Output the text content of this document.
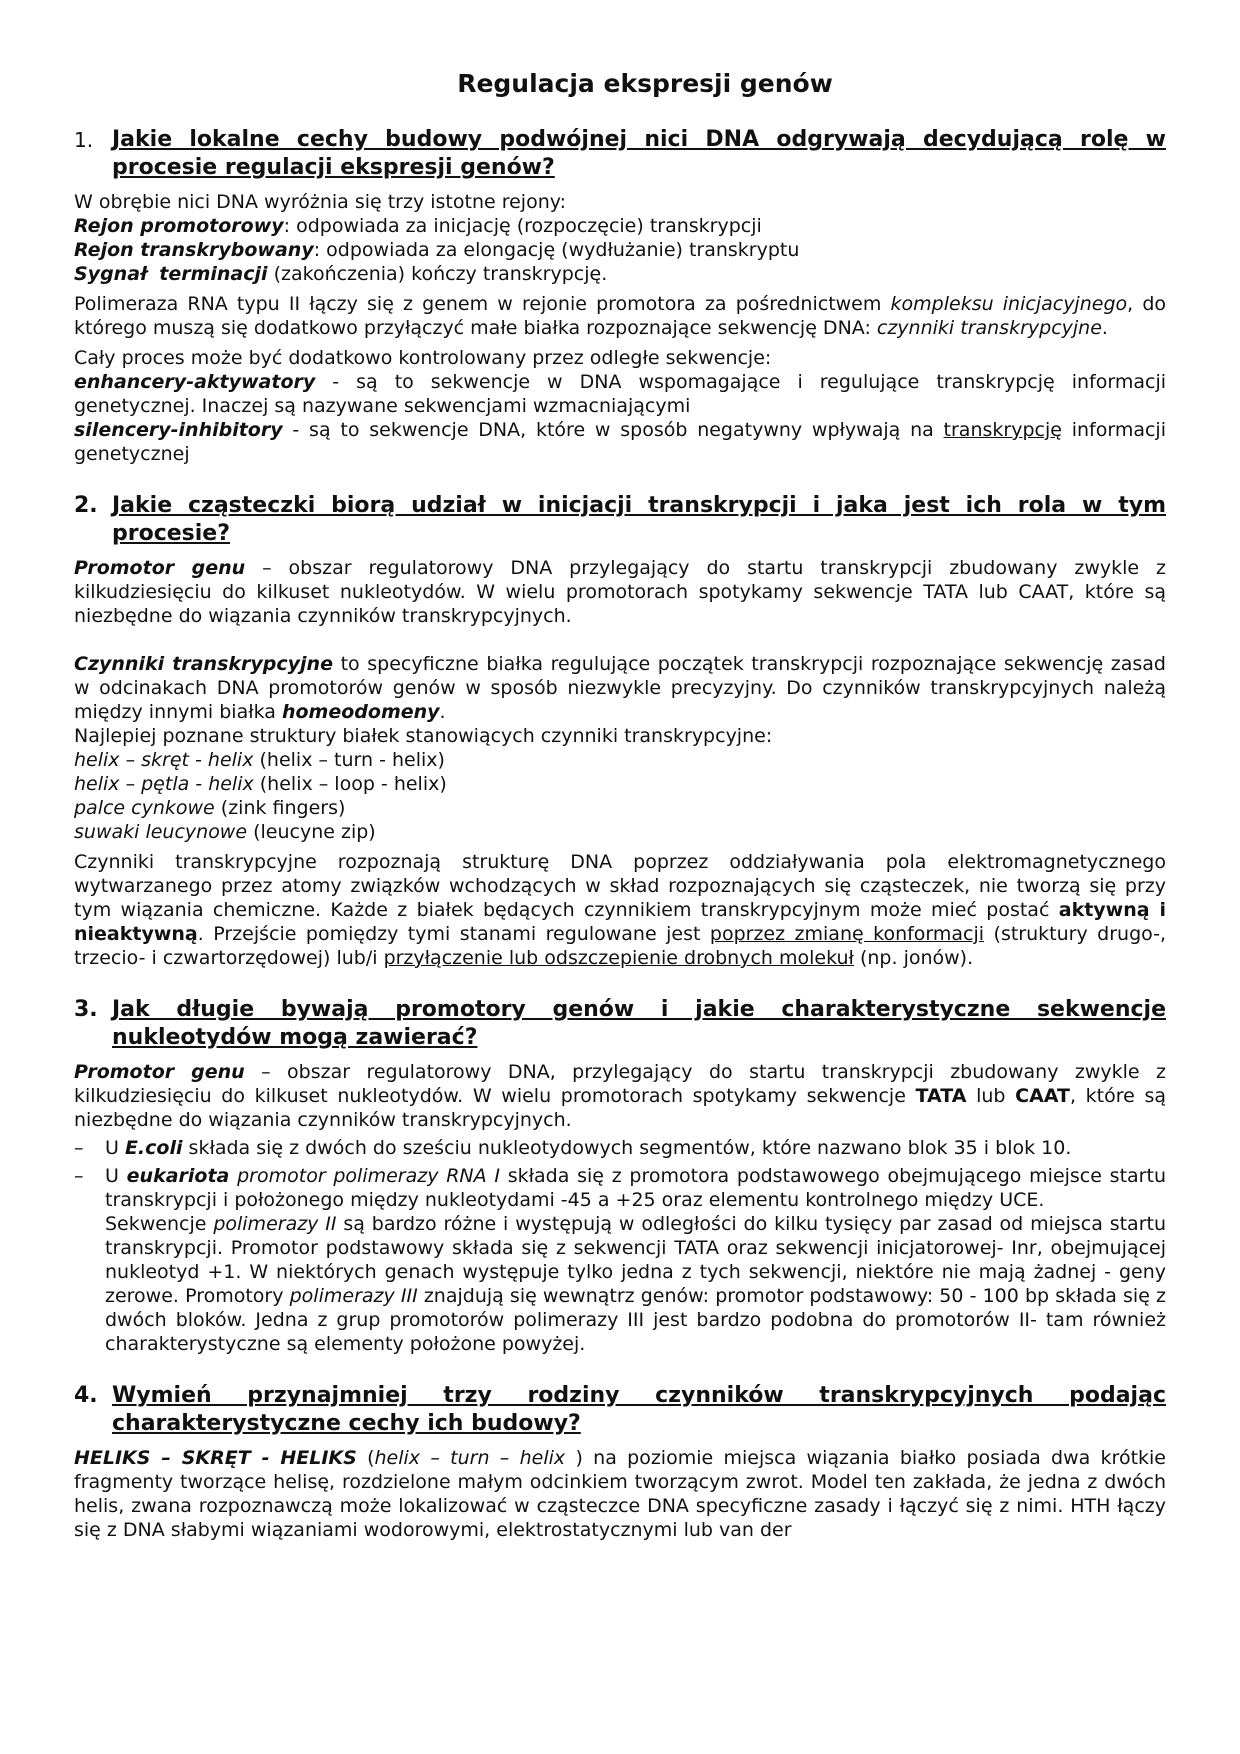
Regulacja ekspresji genów
1. Jakie lokalne cechy budowy podwójnej nici DNA odgrywają decydującą rolę w procesie regulacji ekspresji genów?

W obrębie nici DNA wyróżnia się trzy istotne rejony:

Rejon promotorowy: odpowiada za inicjację (rozpoczęcie) transkrypcji

Rejon transkrybowany: odpowiada za elongację (wydłużanie) transkryptu

Sygnał terminacji (zakończenia) kończy transkrypcję.

Polimeraza RNA typu II łączy się z genem w rejonie promotora za pośrednictwem kompleksu inicjacyjnego, do którego muszą się dodatkowo przyłączyć małe białka rozpoznające sekwencję DNA: czynniki transkrypcyjne.

Cały proces może być dodatkowo kontrolowany przez odległe sekwencje:

enhancery-aktywatory - są to sekwencje w DNA wspomagające i regulujące transkrypcję informacji genetycznej. Inaczej są nazywane sekwencjami wzmacniającymi

silencery-inhibitory - są to sekwencje DNA, które w sposób negatywny wpływają na transkrypcję informacji genetycznej

2. Jakie cząsteczki biorą udział w inicjacji transkrypcji i jaka jest ich rola w tym procesie?

Promotor genu – obszar regulatorowy DNA przylegający do startu transkrypcji zbudowany zwykle z kilkudziesięciu do kilkuset nukleotydów. W wielu promotorach spotykamy sekwencje TATA lub CAAT, które są niezbędne do wiązania czynników transkrypcyjnych.

Czynniki transkrypcyjne to specyficzne białka regulujące początek transkrypcji rozpoznające sekwencję zasad w odcinakach DNA promotorów genów w sposób niezwykle precyzyjny. Do czynników transkrypcyjnych należą między innymi białka homeodomeny.

Najlepiej poznane struktury białek stanowiących czynniki transkrypcyjne:

helix – skręt - helix (helix – turn - helix)

helix – pętla - helix (helix – loop - helix)

palce cynkowe (zink fingers)

suwaki leucynowe (leucyne zip)

Czynniki transkrypcyjne rozpoznają strukturę DNA poprzez oddziaływania pola elektromagnetycznego wytwarzanego przez atomy związków wchodzących w skład rozpoznających się cząsteczek, nie tworzą się przy tym wiązania chemiczne. Każde z białek będących czynnikiem transkrypcyjnym może mieć postać aktywną i nieaktywną. Przejście pomiędzy tymi stanami regulowane jest poprzez zmianę konformacji (struktury drugo-, trzecio- i czwartorzędowej) lub/i przyłączenie lub odszczepienie drobnych molekuł (np. jonów).

3. Jak długie bywają promotory genów i jakie charakterystyczne sekwencje nukleotydów mogą zawierać?

Promotor genu – obszar regulatorowy DNA, przylegający do startu transkrypcji zbudowany zwykle z kilkudziesięciu do kilkuset nukleotydów. W wielu promotorach spotykamy sekwencje TATA lub CAAT, które są niezbędne do wiązania czynników transkrypcyjnych.

–	U E.coli składa się z dwóch do sześciu nukleotydowych segmentów, które nazwano blok 35 i blok 10.
–	U eukariota promotor polimerazy RNA I składa się z promotora podstawowego obejmującego miejsce startu transkrypcji i położonego między nukleotydami -45 a +25 oraz elementu kontrolnego między UCE.
Sekwencje polimerazy II są bardzo różne i występują w odległości do kilku tysięcy par zasad od miejsca startu transkrypcji. Promotor podstawowy składa się z sekwencji TATA oraz sekwencji inicjatorowej- Inr, obejmującej nukleotyd +1. W niektórych genach występuje tylko jedna z tych sekwencji, niektóre nie mają żadnej - geny zerowe. Promotory polimerazy III znajdują się wewnątrz genów: promotor podstawowy: 50 - 100 bp składa się z dwóch bloków. Jedna z grup promotorów polimerazy III jest bardzo podobna do promotorów II- tam również charakterystyczne są elementy położone powyżej.
4. Wymień przynajmniej trzy rodziny czynników transkrypcyjnych podając charakterystyczne cechy ich budowy?

HELIKS – SKRĘT - HELIKS (helix – turn – helix ) na poziomie miejsca wiązania białko posiada dwa krótkie fragmenty tworzące helisę, rozdzielone małym odcinkiem tworzącym zwrot. Model ten zakłada, że jedna z dwóch helis, zwana rozpoznawczą może lokalizować w cząsteczce DNA specyficzne zasady i łączyć się z nimi. HTH łączy się z DNA słabymi wiązaniami wodorowymi, elektrostatycznymi lub van der
